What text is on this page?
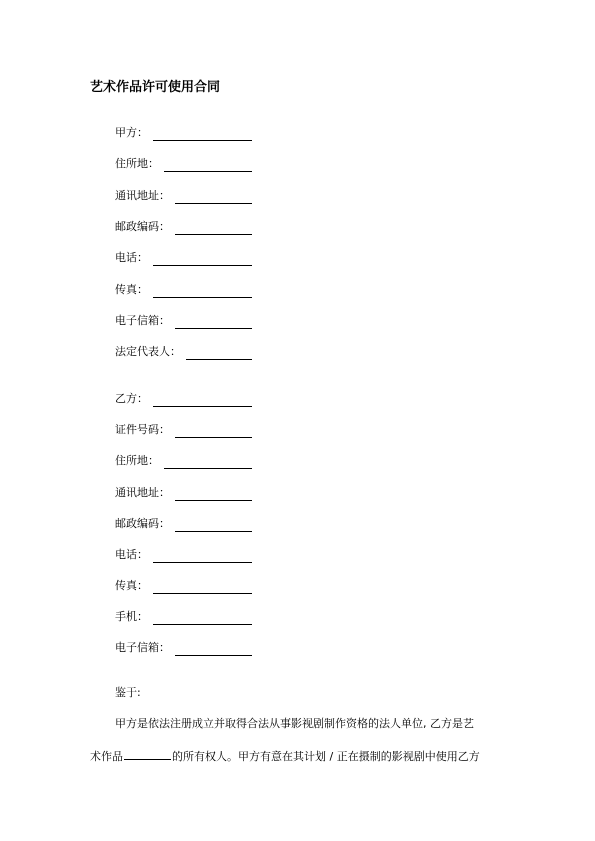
艺术作品许可使用合同
甲方：
住所地：
通讯地址：
邮政编码：
电话：
传真：
电子信箱：
法定代表人：
乙方：
证件号码：
住所地：
通讯地址：
邮政编码：
电话：
传真：
手机：
电子信箱：
鉴于:
甲方是依法注册成立并取得合法从事影视剧制作资格的法人单位, 乙方是艺
术作品	的所有权人。甲方有意在其计划 / 正在摄制的影视剧中使用乙方
